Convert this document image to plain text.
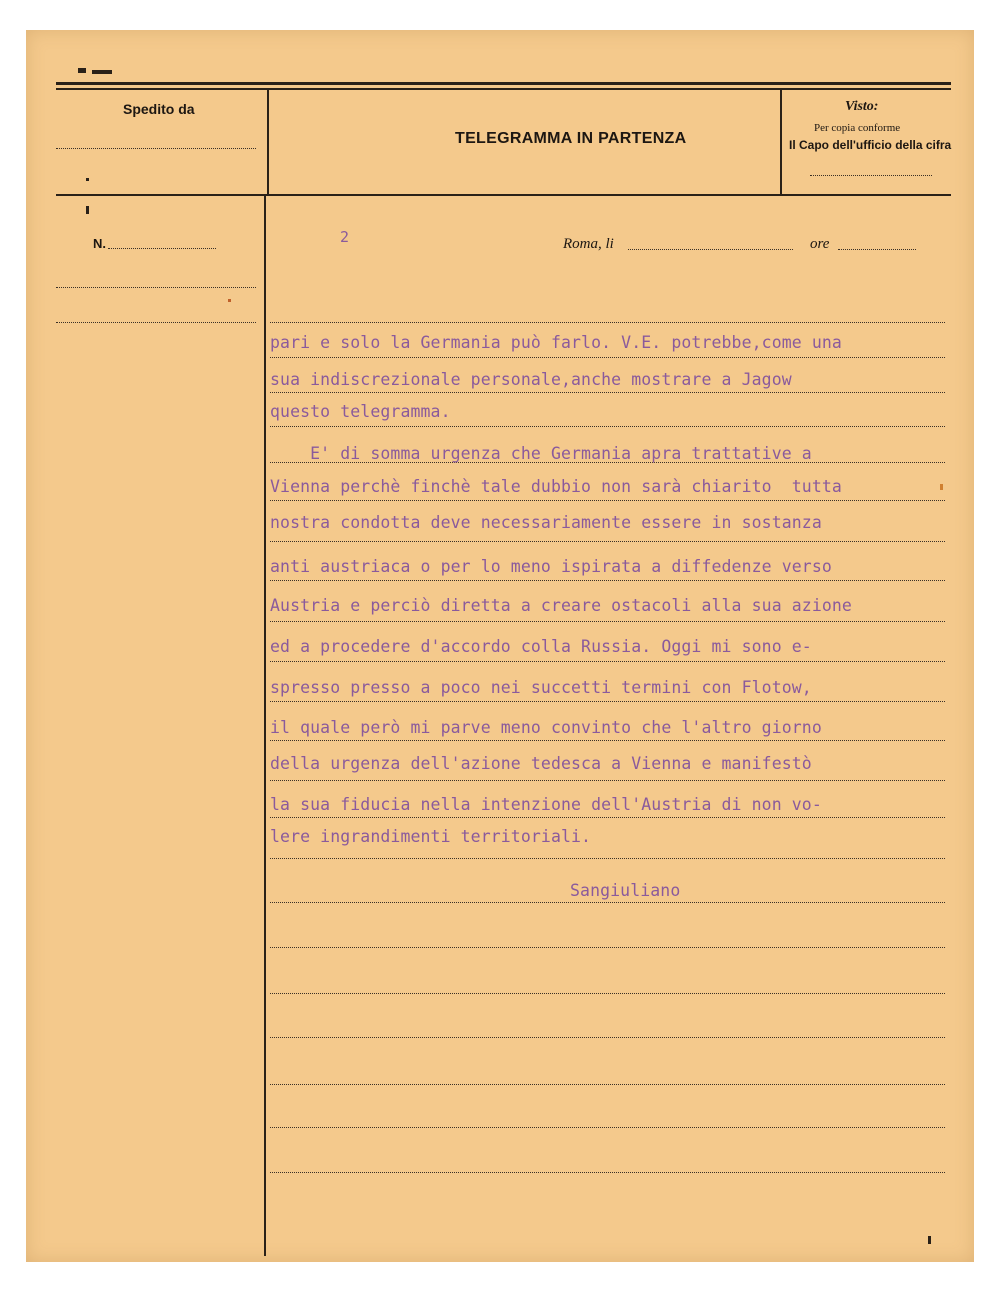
Spedito da
TELEGRAMMA IN PARTENZA
Visto:
Per copia conforme
Il Capo dell'ufficio della cifra
N.	2	Roma, li	ore
pari e solo la Germania può farlo. V.E. potrebbe,come una
sua indiscrezionale personale,anche mostrare a Jagow
questo telegramma.
E' di somma urgenza che Germania apra trattative a
Vienna perchè finchè tale dubbio non sarà chiarito  tutta
nostra condotta deve necessariamente essere in sostanza
anti austriaca o per lo meno ispirata a diffedenze verso
Austria e perciò diretta a creare ostacoli alla sua azione
ed a procedere d'accordo colla Russia. Oggi mi sono e-
spresso presso a poco nei succetti termini con Flotow,
il quale però mi parve meno convinto che l'altro giorno
della urgenza dell'azione tedesca a Vienna e manifestò
la sua fiducia nella intenzione dell'Austria di non vo-
lere ingrandimenti territoriali.
Sangiuliano
